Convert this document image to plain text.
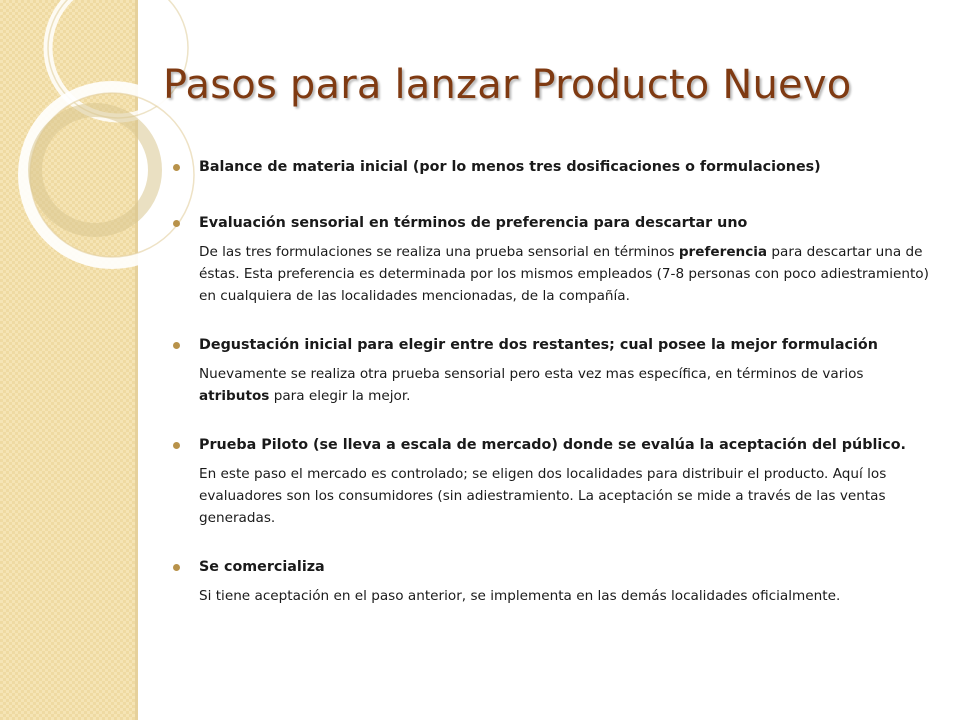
Pasos para lanzar Producto Nuevo
Balance de materia inicial (por lo menos tres dosificaciones o formulaciones)
Evaluación sensorial en términos de preferencia para descartar uno
De las tres formulaciones se realiza una prueba sensorial en términos preferencia para descartar una de éstas. Esta preferencia es determinada por los mismos empleados (7-8 personas con poco adiestramiento) en cualquiera de las localidades mencionadas, de la compañía.
Degustación inicial para elegir entre dos restantes; cual posee la mejor formulación
Nuevamente se realiza otra prueba sensorial pero esta vez mas específica, en términos de varios atributos para elegir la mejor.
Prueba Piloto (se lleva a escala de mercado) donde se evalúa la aceptación del público.
En este paso el mercado es controlado; se eligen dos localidades para distribuir el producto. Aquí los evaluadores son los consumidores (sin adiestramiento. La aceptación se mide a través de las ventas generadas.
Se comercializa
Si tiene aceptación en el paso anterior, se implementa en las demás localidades oficialmente.
